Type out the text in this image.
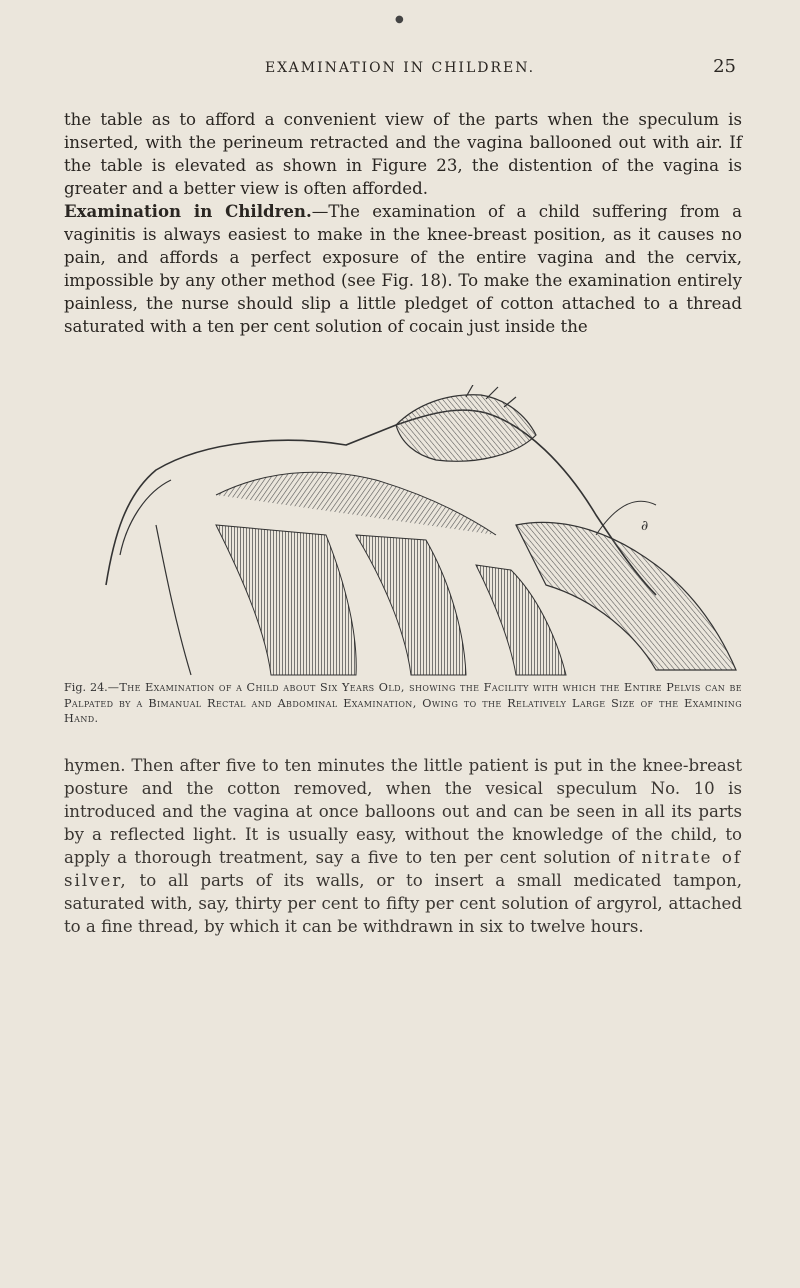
●
EXAMINATION IN CHILDREN.	25

the table as to afford a convenient view of the parts when the speculum is inserted, with the perineum retracted and the vagina ballooned out with air. If the table is elevated as shown in Figure 23, the distention of the vagina is greater and a better view is often afforded.

Examination in Children.—The examination of a child suffering from a vaginitis is always easiest to make in the knee-breast position, as it causes no pain, and affords a perfect exposure of the entire vagina and the cervix, impossible by any other method (see Fig. 18). To make the examination entirely painless, the nurse should slip a little pledget of cotton attached to a thread saturated with a ten per cent solution of cocain just inside the

∂

Fig. 24.—The Examination of a Child about Six Years Old, showing the Facility with which the Entire Pelvis can be Palpated by a Bimanual Rectal and Abdominal Examination, Owing to the Relatively Large Size of the Examining Hand.

hymen. Then after five to ten minutes the little patient is put in the knee-breast posture and the cotton removed, when the vesical speculum No. 10 is introduced and the vagina at once balloons out and can be seen in all its parts by a reflected light. It is usually easy, without the knowledge of the child, to apply a thorough treatment, say a five to ten per cent solution of nitrate of silver, to all parts of its walls, or to insert a small medicated tampon, saturated with, say, thirty per cent to fifty per cent solution of argyrol, attached to a fine thread, by which it can be withdrawn in six to twelve hours.
